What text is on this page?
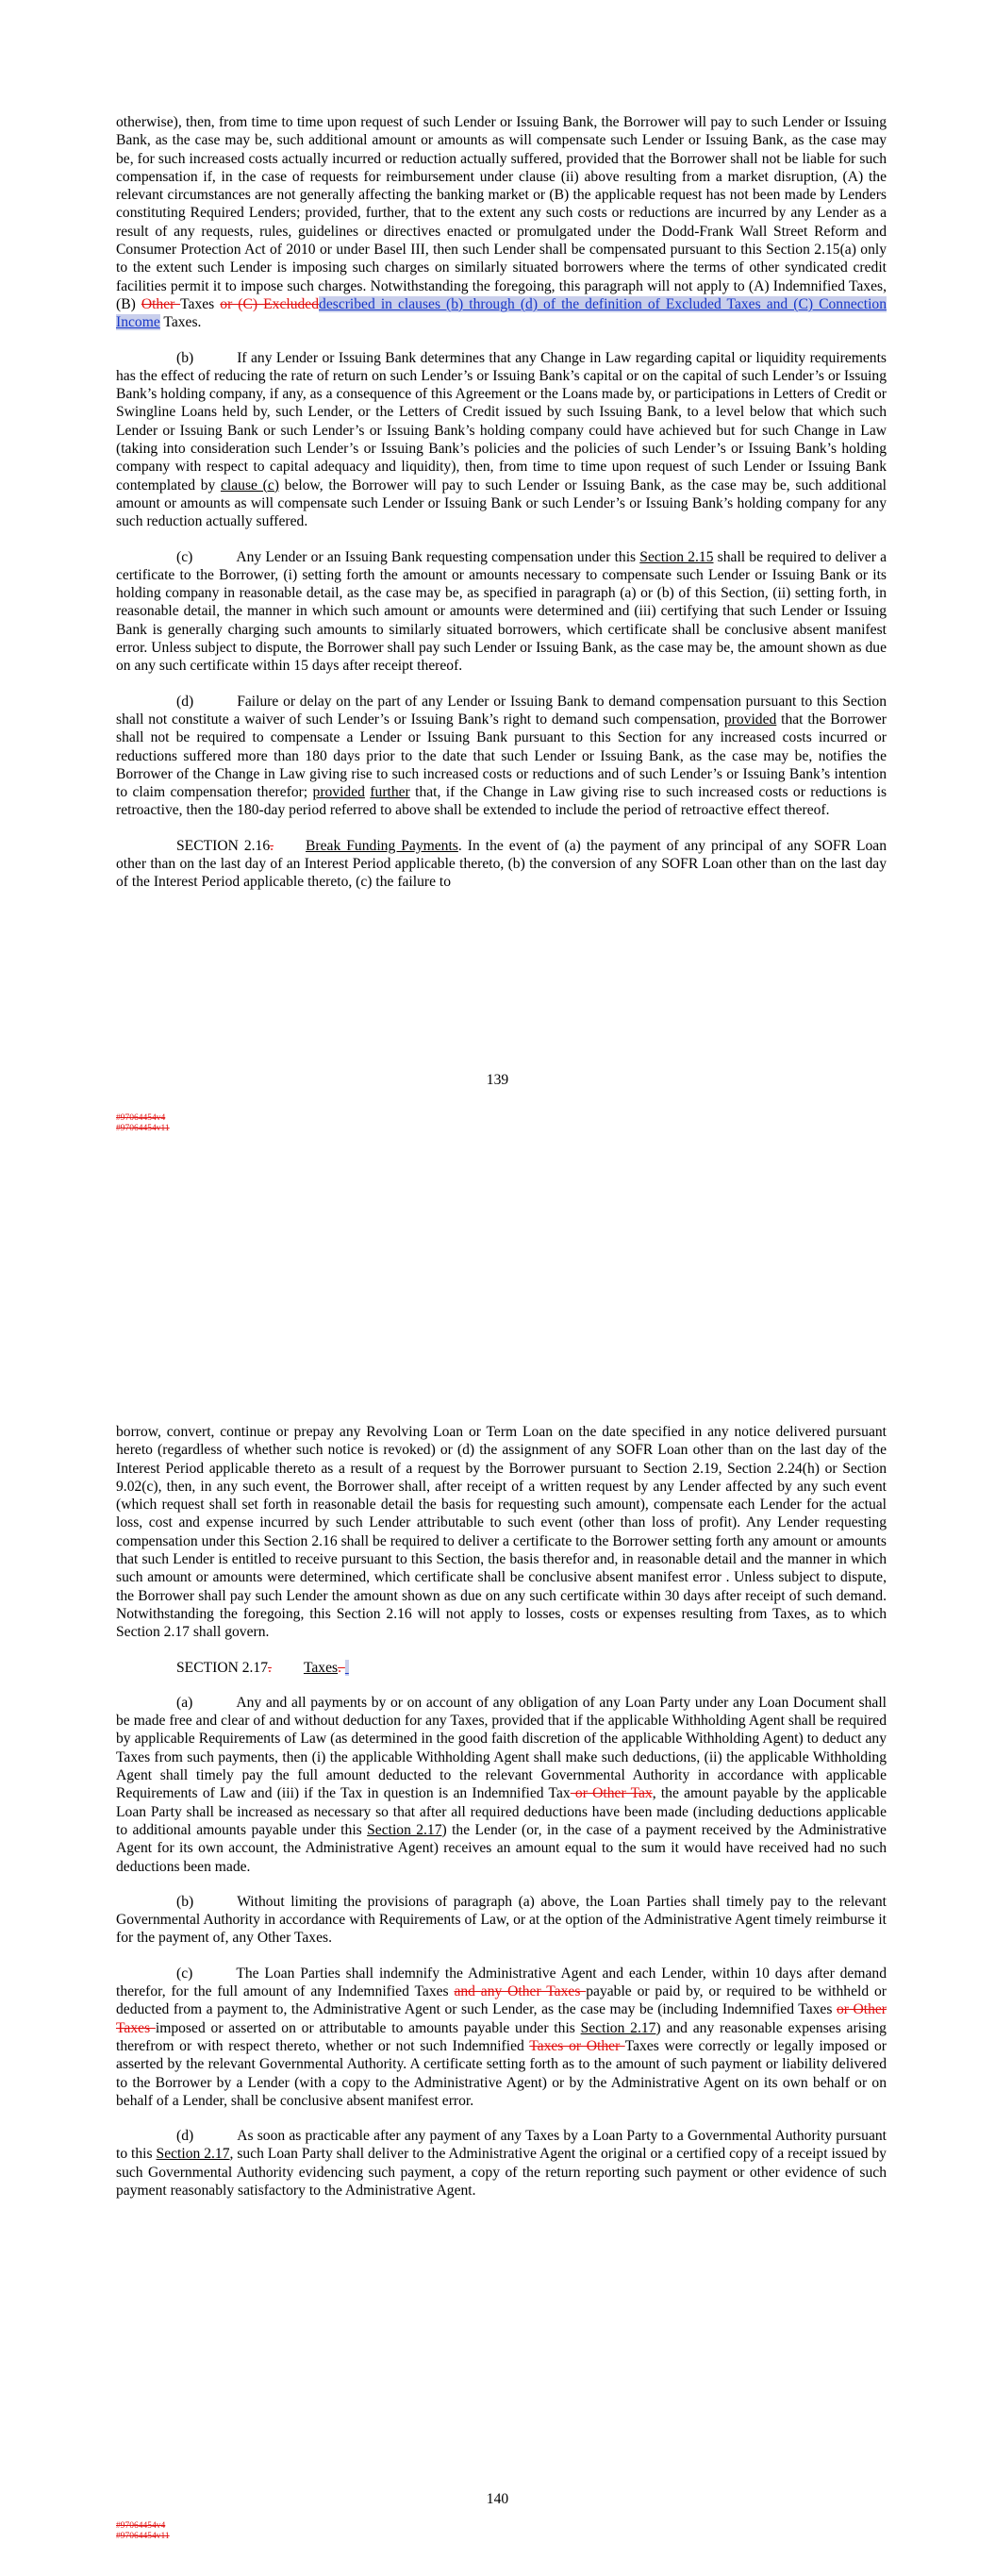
otherwise), then, from time to time upon request of such Lender or Issuing Bank, the Borrower will pay to such Lender or Issuing Bank, as the case may be, such additional amount or amounts as will compensate such Lender or Issuing Bank, as the case may be, for such increased costs actually incurred or reduction actually suffered, provided that the Borrower shall not be liable for such compensation if, in the case of requests for reimbursement under clause (ii) above resulting from a market disruption, (A) the relevant circumstances are not generally affecting the banking market or (B) the applicable request has not been made by Lenders constituting Required Lenders; provided, further, that to the extent any such costs or reductions are incurred by any Lender as a result of any requests, rules, guidelines or directives enacted or promulgated under the Dodd-Frank Wall Street Reform and Consumer Protection Act of 2010 or under Basel III, then such Lender shall be compensated pursuant to this Section 2.15(a) only to the extent such Lender is imposing such charges on similarly situated borrowers where the terms of other syndicated credit facilities permit it to impose such charges. Notwithstanding the foregoing, this paragraph will not apply to (A) Indemnified Taxes, (B) Other Taxes or (C) Excludeddescribed in clauses (b) through (d) of the definition of Excluded Taxes and (C) Connection Income Taxes.

(b)	If any Lender or Issuing Bank determines that any Change in Law regarding capital or liquidity requirements has the effect of reducing the rate of return on such Lender’s or Issuing Bank’s capital or on the capital of such Lender’s or Issuing Bank’s holding company, if any, as a consequence of this Agreement or the Loans made by, or participations in Letters of Credit or Swingline Loans held by, such Lender, or the Letters of Credit issued by such Issuing Bank, to a level below that which such Lender or Issuing Bank or such Lender’s or Issuing Bank’s holding company could have achieved but for such Change in Law (taking into consideration such Lender’s or Issuing Bank’s policies and the policies of such Lender’s or Issuing Bank’s holding company with respect to capital adequacy and liquidity), then, from time to time upon request of such Lender or Issuing Bank contemplated by clause (c) below, the Borrower will pay to such Lender or Issuing Bank, as the case may be, such additional amount or amounts as will compensate such Lender or Issuing Bank or such Lender’s or Issuing Bank’s holding company for any such reduction actually suffered.

(c)	Any Lender or an Issuing Bank requesting compensation under this Section 2.15 shall be required to deliver a certificate to the Borrower, (i) setting forth the amount or amounts necessary to compensate such Lender or Issuing Bank or its holding company in reasonable detail, as the case may be, as specified in paragraph (a) or (b) of this Section, (ii) setting forth, in reasonable detail, the manner in which such amount or amounts were determined and (iii) certifying that such Lender or Issuing Bank is generally charging such amounts to similarly situated borrowers, which certificate shall be conclusive absent manifest error. Unless subject to dispute, the Borrower shall pay such Lender or Issuing Bank, as the case may be, the amount shown as due on any such certificate within 15 days after receipt thereof.

(d)	Failure or delay on the part of any Lender or Issuing Bank to demand compensation pursuant to this Section shall not constitute a waiver of such Lender’s or Issuing Bank’s right to demand such compensation, provided that the Borrower shall not be required to compensate a Lender or Issuing Bank pursuant to this Section for any increased costs incurred or reductions suffered more than 180 days prior to the date that such Lender or Issuing Bank, as the case may be, notifies the Borrower of the Change in Law giving rise to such increased costs or reductions and of such Lender’s or Issuing Bank’s intention to claim compensation therefor; provided further that, if the Change in Law giving rise to such increased costs or reductions is retroactive, then the 180-day period referred to above shall be extended to include the period of retroactive effect thereof.

SECTION 2.16. Break Funding Payments. In the event of (a) the payment of any principal of any SOFR Loan other than on the last day of an Interest Period applicable thereto, (b) the conversion of any SOFR Loan other than on the last day of the Interest Period applicable thereto, (c) the failure to

139
#97064454v4
#97064454v11

borrow, convert, continue or prepay any Revolving Loan or Term Loan on the date specified in any notice delivered pursuant hereto (regardless of whether such notice is revoked) or (d) the assignment of any SOFR Loan other than on the last day of the Interest Period applicable thereto as a result of a request by the Borrower pursuant to Section 2.19, Section 2.24(h) or Section 9.02(c), then, in any such event, the Borrower shall, after receipt of a written request by any Lender affected by any such event (which request shall set forth in reasonable detail the basis for requesting such amount), compensate each Lender for the actual loss, cost and expense incurred by such Lender attributable to such event (other than loss of profit). Any Lender requesting compensation under this Section 2.16 shall be required to deliver a certificate to the Borrower setting forth any amount or amounts that such Lender is entitled to receive pursuant to this Section, the basis therefor and, in reasonable detail and the manner in which such amount or amounts were determined, which certificate shall be conclusive absent manifest error . Unless subject to dispute, the Borrower shall pay such Lender the amount shown as due on any such certificate within 30 days after receipt of such demand. Notwithstanding the foregoing, this Section 2.16 will not apply to losses, costs or expenses resulting from Taxes, as to which Section 2.17 shall govern.

SECTION 2.17. Taxes.

(a)	Any and all payments by or on account of any obligation of any Loan Party under any Loan Document shall be made free and clear of and without deduction for any Taxes, provided that if the applicable Withholding Agent shall be required by applicable Requirements of Law (as determined in the good faith discretion of the applicable Withholding Agent) to deduct any Taxes from such payments, then (i) the applicable Withholding Agent shall make such deductions, (ii) the applicable Withholding Agent shall timely pay the full amount deducted to the relevant Governmental Authority in accordance with applicable Requirements of Law and (iii) if the Tax in question is an Indemnified Tax or Other Tax, the amount payable by the applicable Loan Party shall be increased as necessary so that after all required deductions have been made (including deductions applicable to additional amounts payable under this Section 2.17) the Lender (or, in the case of a payment received by the Administrative Agent for its own account, the Administrative Agent) receives an amount equal to the sum it would have received had no such deductions been made.

(b)	Without limiting the provisions of paragraph (a) above, the Loan Parties shall timely pay to the relevant Governmental Authority in accordance with Requirements of Law, or at the option of the Administrative Agent timely reimburse it for the payment of, any Other Taxes.

(c)	The Loan Parties shall indemnify the Administrative Agent and each Lender, within 10 days after demand therefor, for the full amount of any Indemnified Taxes and any Other Taxes payable or paid by, or required to be withheld or deducted from a payment to, the Administrative Agent or such Lender, as the case may be (including Indemnified Taxes or Other Taxes imposed or asserted on or attributable to amounts payable under this Section 2.17) and any reasonable expenses arising therefrom or with respect thereto, whether or not such Indemnified Taxes or Other Taxes were correctly or legally imposed or asserted by the relevant Governmental Authority. A certificate setting forth as to the amount of such payment or liability delivered to the Borrower by a Lender (with a copy to the Administrative Agent) or by the Administrative Agent on its own behalf or on behalf of a Lender, shall be conclusive absent manifest error.

(d)	As soon as practicable after any payment of any Taxes by a Loan Party to a Governmental Authority pursuant to this Section 2.17, such Loan Party shall deliver to the Administrative Agent the original or a certified copy of a receipt issued by such Governmental Authority evidencing such payment, a copy of the return reporting such payment or other evidence of such payment reasonably satisfactory to the Administrative Agent.

140
#97064454v4
#97064454v11
